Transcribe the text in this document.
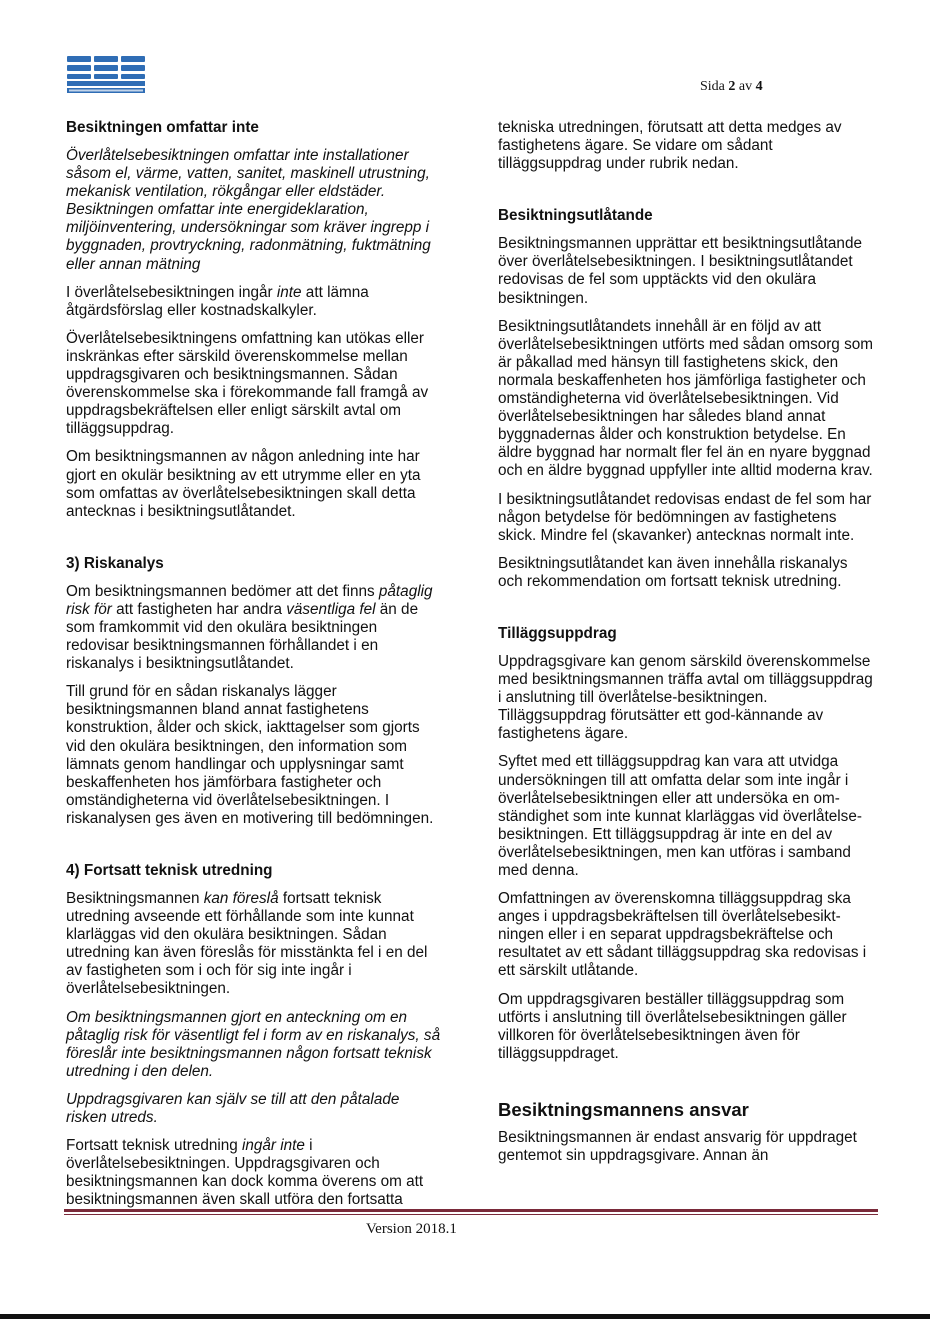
Sida 2 av 4
Besiktningen omfattar inte

Överlåtelsebesiktningen omfattar inte installationer såsom el, värme, vatten, sanitet, maskinell utrustning, mekanisk ventilation, rökgångar eller eldstäder. Besiktningen omfattar inte energideklaration, miljöinventering, undersökningar som kräver ingrepp i byggnaden, provtryckning, radonmätning, fuktmätning eller annan mätning

I överlåtelsebesiktningen ingår inte att lämna åtgärdsförslag eller kostnadskalkyler.

Överlåtelsebesiktningens omfattning kan utökas eller inskränkas efter särskild överenskommelse mellan uppdragsgivaren och besiktningsmannen. Sådan överenskommelse ska i förekommande fall framgå av uppdragsbekräftelsen eller enligt särskilt avtal om tilläggsuppdrag.

Om besiktningsmannen av någon anledning inte har gjort en okulär besiktning av ett utrymme eller en yta som omfattas av överlåtelsebesiktningen skall detta antecknas i besiktningsutlåtandet.

3) Riskanalys

Om besiktningsmannen bedömer att det finns påtaglig risk för att fastigheten har andra väsentliga fel än de som framkommit vid den okulära besiktningen redovisar besiktningsmannen förhållandet i en riskanalys i besiktningsutlåtandet.

Till grund för en sådan riskanalys lägger besiktningsmannen bland annat fastighetens konstruktion, ålder och skick, iakttagelser som gjorts vid den okulära besiktningen, den information som lämnats genom handlingar och upplysningar samt beskaffenheten hos jämförbara fastigheter och omständigheterna vid överlåtelsebesiktningen. I riskanalysen ges även en motivering till bedömningen.

4) Fortsatt teknisk utredning

Besiktningsmannen kan föreslå fortsatt teknisk utredning avseende ett förhållande som inte kunnat klarläggas vid den okulära besiktningen. Sådan utredning kan även föreslås för misstänkta fel i en del av fastigheten som i och för sig inte ingår i överlåtelsebesiktningen.

Om besiktningsmannen gjort en anteckning om en påtaglig risk för väsentligt fel i form av en riskanalys, så föreslår inte besiktningsmannen någon fortsatt teknisk utredning i den delen.

Uppdragsgivaren kan själv se till att den påtalade risken utreds.

Fortsatt teknisk utredning ingår inte i överlåtelsebesiktningen. Uppdragsgivaren och besiktningsmannen kan dock komma överens om att besiktningsmannen även skall utföra den fortsatta

tekniska utredningen, förutsatt att detta medges av fastighetens ägare. Se vidare om sådant tilläggsuppdrag under rubrik nedan.

Besiktningsutlåtande

Besiktningsmannen upprättar ett besiktningsutlåtande över överlåtelsebesiktningen. I besiktningsutlåtandet redovisas de fel som upptäckts vid den okulära besiktningen.

Besiktningsutlåtandets innehåll är en följd av att överlåtelsebesiktningen utförts med sådan omsorg som är påkallad med hänsyn till fastighetens skick, den normala beskaffenheten hos jämförliga fastigheter och omständigheterna vid överlåtelsebesiktningen. Vid överlåtelsebesiktningen har således bland annat byggnadernas ålder och konstruktion betydelse. En äldre byggnad har normalt fler fel än en nyare byggnad och en äldre byggnad uppfyller inte alltid moderna krav.

I besiktningsutlåtandet redovisas endast de fel som har någon betydelse för bedömningen av fastighetens skick. Mindre fel (skavanker) antecknas normalt inte.

Besiktningsutlåtandet kan även innehålla riskanalys och rekommendation om fortsatt teknisk utredning.

Tilläggsuppdrag

Uppdragsgivare kan genom särskild överenskommelse med besiktningsmannen träffa avtal om tilläggsuppdrag i anslutning till överlåtelse-besiktningen. Tilläggsuppdrag förutsätter ett god-kännande av fastighetens ägare.

Syftet med ett tilläggsuppdrag kan vara att utvidga undersökningen till att omfatta delar som inte ingår i överlåtelsebesiktningen eller att undersöka en om-ständighet som inte kunnat klarläggas vid överlåtelse-besiktningen. Ett tilläggsuppdrag är inte en del av överlåtelsebesiktningen, men kan utföras i samband med denna.

Omfattningen av överenskomna tilläggsuppdrag ska anges i uppdragsbekräftelsen till överlåtelsebesikt-ningen eller i en separat uppdragsbekräftelse och resultatet av ett sådant tilläggsuppdrag ska redovisas i ett särskilt utlåtande.

Om uppdragsgivaren beställer tilläggsuppdrag som utförts i anslutning till överlåtelsebesiktningen gäller villkoren för överlåtelsebesiktningen även för tilläggsuppdraget.

Besiktningsmannens ansvar

Besiktningsmannen är endast ansvarig för uppdraget gentemot sin uppdragsgivare. Annan än

Version 2018.1
